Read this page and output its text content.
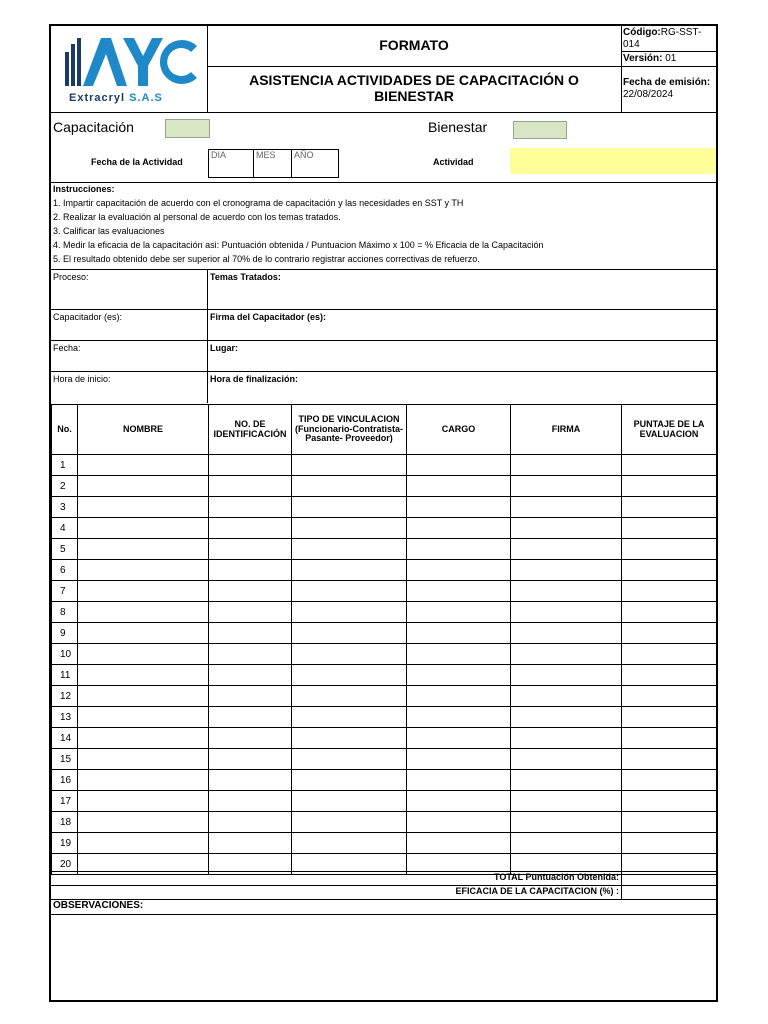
Extracryl S.A.S
FORMATO
ASISTENCIA ACTIVIDADES DE CAPACITACIÓN O BIENESTAR
Código:RG-SST-014
Versión: 01
Fecha de emisión:
22/08/2024
Capacitación	Bienestar
Fecha de la Actividad
DIA	MES	AÑO
Actividad
Instrucciones:
1. Impartir capacitación de acuerdo con el cronograma de capacitación y las necesidades en SST y TH
2. Realizar la evaluación al personal de acuerdo con los temas tratados.
3. Calificar las evaluaciones
4. Medir la eficacia de la capacitación asi: Puntuación obtenida / Puntuacion Máximo x 100 = % Eficacia de la Capacitación
5. El resultado obtenido debe ser superior al 70% de lo contrario registrar acciones correctivas de refuerzo.
Proceso:	Temas Tratados:
Capacitador (es):	Firma del Capacitador (es):
Fecha:	Lugar:
Hora de inicio:	Hora de finalización:
No.	NOMBRE	NO. DE IDENTIFICACIÓN	TIPO DE VINCULACION (Funcionario-Contratista-Pasante- Proveedor)	CARGO	FIRMA	PUNTAJE DE LA EVALUACION
1						
2						
3						
4						
5						
6						
7						
8						
9						
10						
11						
12						
13						
14						
15						
16						
17						
18						
19						
20						
TOTAL Puntuación Obtenida:
EFICACIA DE LA CAPACITACION (%) :
OBSERVACIONES:
